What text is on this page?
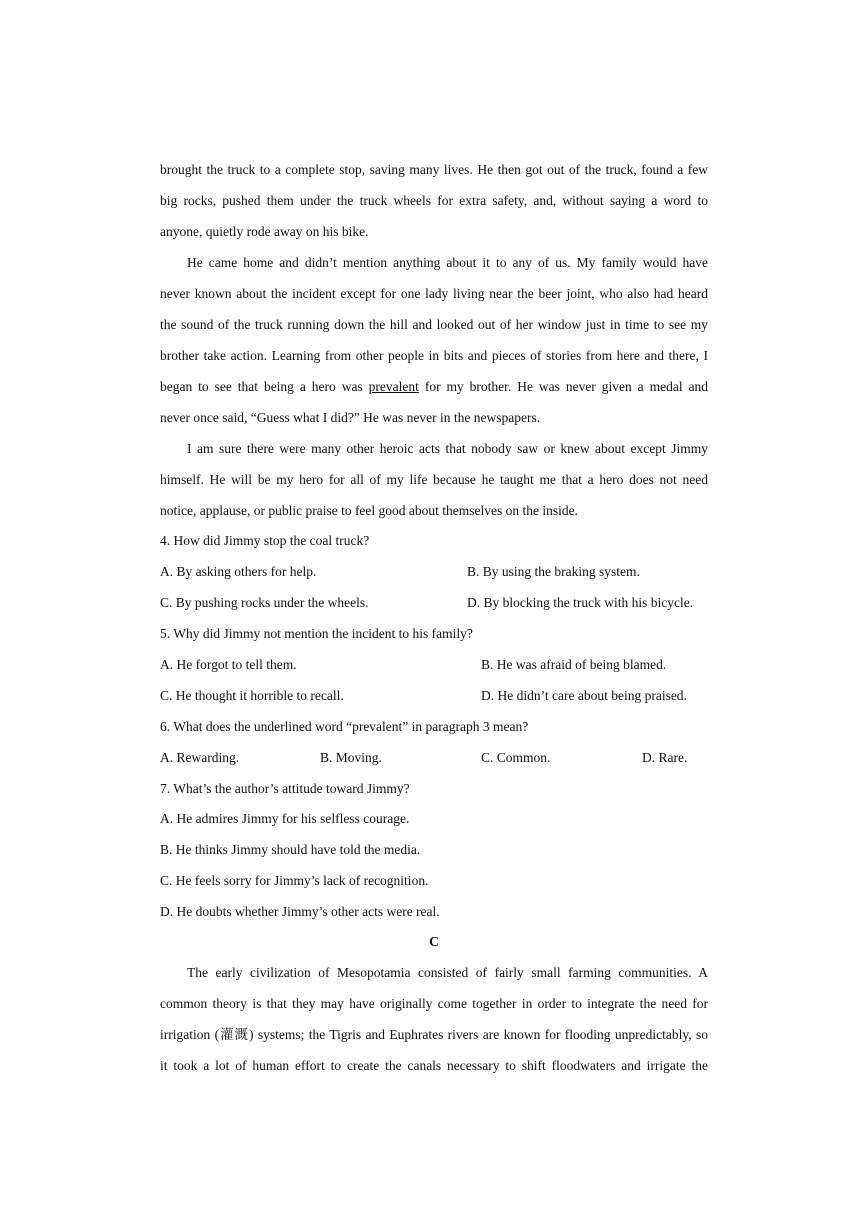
brought the truck to a complete stop, saving many lives. He then got out of the truck, found a few
big rocks, pushed them under the truck wheels for extra safety, and, without saying a word to
anyone, quietly rode away on his bike.
He came home and didn’t mention anything about it to any of us. My family would have
never known about the incident except for one lady living near the beer joint, who also had heard
the sound of the truck running down the hill and looked out of her window just in time to see my
brother take action. Learning from other people in bits and pieces of stories from here and there, I
began to see that being a hero was prevalent for my brother. He was never given a medal and
never once said, “Guess what I did?” He was never in the newspapers.
I am sure there were many other heroic acts that nobody saw or knew about except Jimmy
himself. He will be my hero for all of my life because he taught me that a hero does not need
notice, applause, or public praise to feel good about themselves on the inside.
4. How did Jimmy stop the coal truck?
A. By asking others for help.	B. By using the braking system.
C. By pushing rocks under the wheels.	D. By blocking the truck with his bicycle.
5. Why did Jimmy not mention the incident to his family?
A. He forgot to tell them.	B. He was afraid of being blamed.
C. He thought it horrible to recall.	D. He didn’t care about being praised.
6. What does the underlined word “prevalent” in paragraph 3 mean?
A. Rewarding.	B. Moving.	C. Common.	D. Rare.
7. What’s the author’s attitude toward Jimmy?
A. He admires Jimmy for his selfless courage.
B. He thinks Jimmy should have told the media.
C. He feels sorry for Jimmy’s lack of recognition.
D. He doubts whether Jimmy’s other acts were real.
C
The early civilization of Mesopotamia consisted of fairly small farming communities. A
common theory is that they may have originally come together in order to integrate the need for
irrigation (灌溉) systems; the Tigris and Euphrates rivers are known for flooding unpredictably, so
it took a lot of human effort to create the canals necessary to shift floodwaters and irrigate the
